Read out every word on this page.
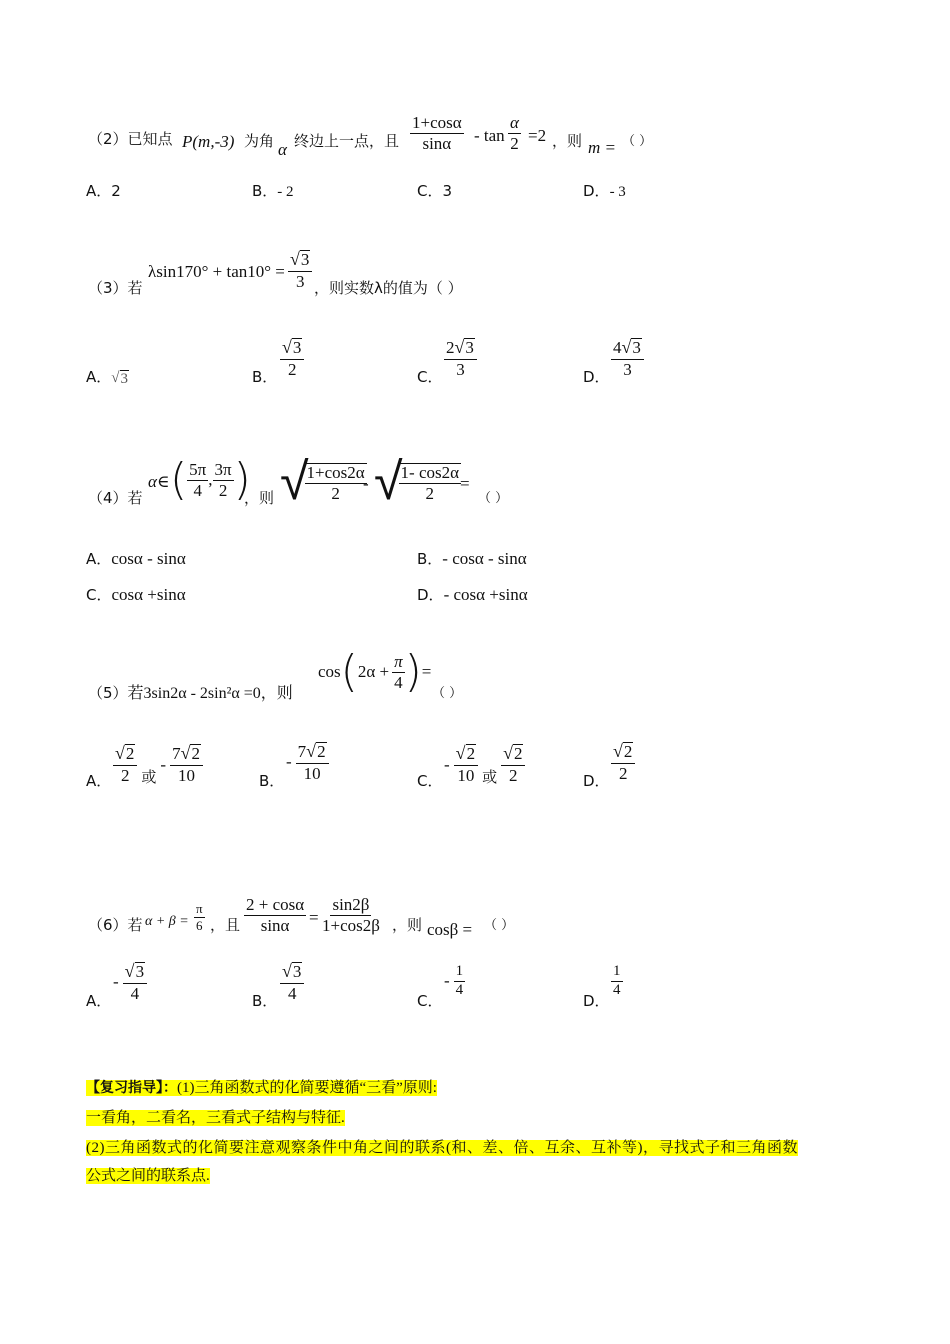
（2）已知点 P(m,-3) 为角 α 终边上一点，且 $\frac{1+\cos\alpha}{\sin\alpha} - \tan \frac{\alpha}{2} =2$ ，则 m = （ ）
A．2	B．- 2	C．3	D．- 3
（3）若
$\lambda\sin 170^\circ + \tan 10^\circ = \frac{√ 3}{3}$ ，则实数λ的值为（ ）
A． √ 3	B． $\frac{√ 3}{2}$	C． $\frac{2 √ 3}{3}$	D． $\frac{4 √ 3}{3}$
（4）若
α∈ ( $\frac{5\pi}{4}$ , $\frac{3\pi}{2}$ )
，则 √
$\frac{1+\cos 2\alpha}{2}$
- √
$\frac{1- \cos 2\alpha}{2}$
=
（ ）
A．cosα - sinα	B．- cosα - sinα
C．cosα +sinα	D．- cosα +sinα
（5）若3sin2α - 2sin²α =0，则
cos ( $2\alpha + \frac{\pi}{4}$ ) =
（ ）
A． $\frac{√ 2}{2}$ 或
- $\frac{7 √ 2}{10}$	B．
- $\frac{7 √ 2}{10}$	C．
- $\frac{√ 2}{10}$ 或 $\frac{√ 2}{2}$	D． $\frac{√ 2}{2}$
（6）若 $\alpha + \beta = \frac{\pi}{6}$ ，且 $\frac{2 + \cos\alpha}{\sin\alpha} = \frac{\sin 2\beta}{1+\cos 2\beta}$ ，则 cosβ = （ ）
A．
- $\frac{√ 3}{4}$	B． $\frac{√ 3}{4}$	C．
- $\frac{1}{4}$
D．
$\frac{1}{4}$
【复习指导】：(1)三角函数式的化简要遵循“三看”原则:
一看角，二看名，三看式子结构与特征.
(2)三角函数式的化简要注意观察条件中角之间的联系(和、差、倍、互余、互补等)，寻找式子和三角函数
公式之间的联系点.
